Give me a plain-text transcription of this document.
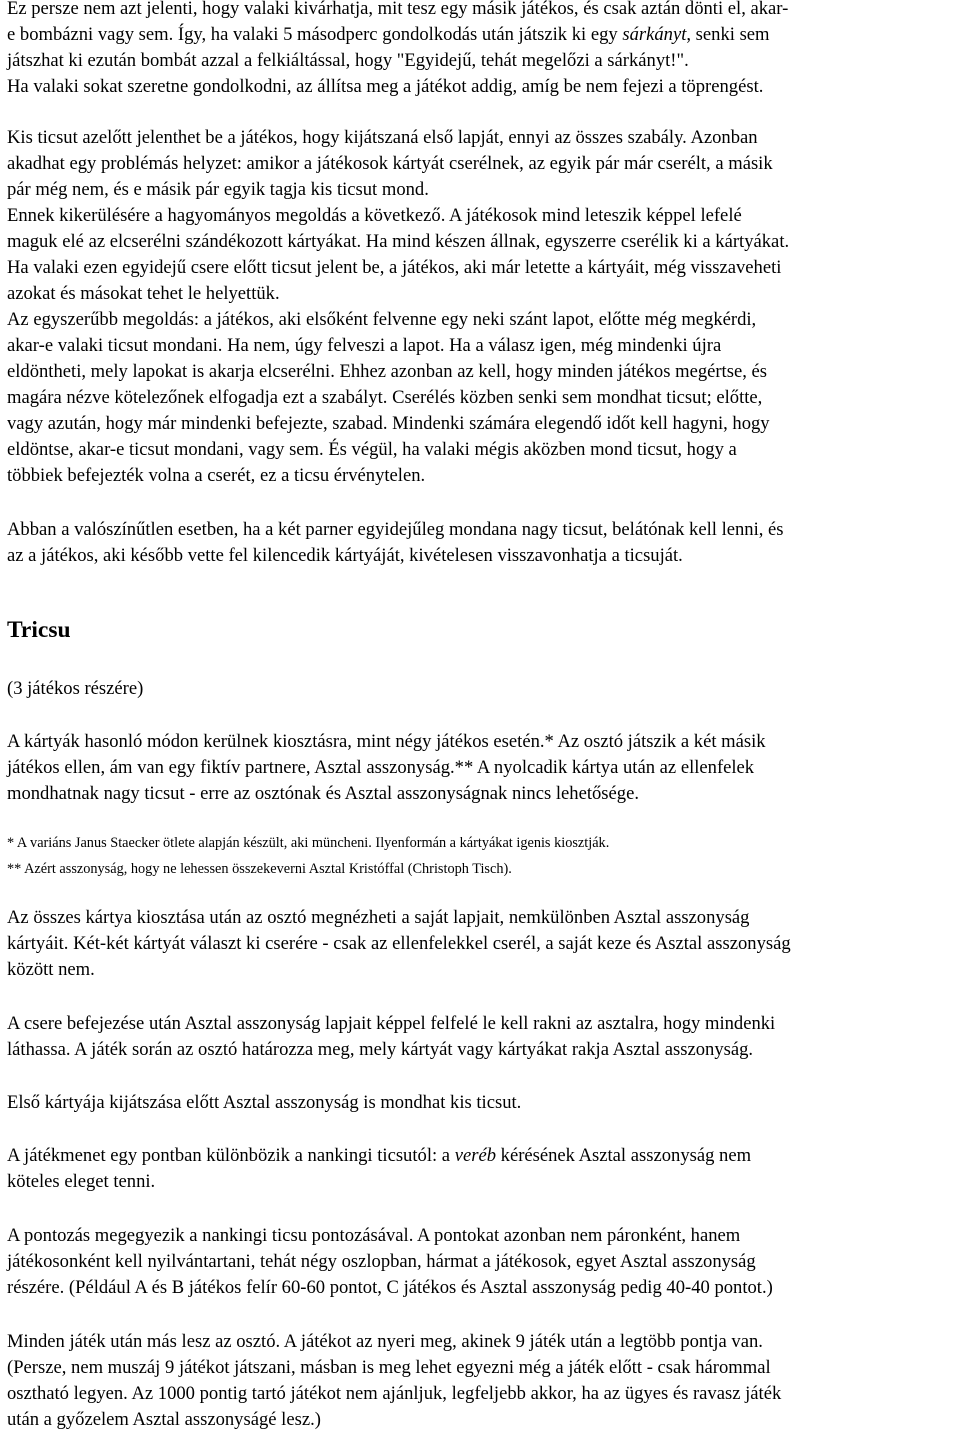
Ez persze nem azt jelenti, hogy valaki kivárhatja, mit tesz egy másik játékos, és csak aztán dönti el, akar-

e bombázni vagy sem. Így, ha valaki 5 másodperc gondolkodás után játszik ki egy sárkányt, senki sem

játszhat ki ezután bombát azzal a felkiáltással, hogy "Egyidejű, tehát megelőzi a sárkányt!".

Ha valaki sokat szeretne gondolkodni, az állítsa meg a játékot addig, amíg be nem fejezi a töprengést.

Kis ticsut azelőtt jelenthet be a játékos, hogy kijátszaná első lapját, ennyi az összes szabály. Azonban

akadhat egy problémás helyzet: amikor a játékosok kártyát cserélnek, az egyik pár már cserélt, a másik

pár még nem, és e másik pár egyik tagja kis ticsut mond.

Ennek kikerülésére a hagyományos megoldás a következő. A játékosok mind leteszik képpel lefelé

maguk elé az elcserélni szándékozott kártyákat. Ha mind készen állnak, egyszerre cserélik ki a kártyákat.

Ha valaki ezen egyidejű csere előtt ticsut jelent be, a játékos, aki már letette a kártyáit, még visszaveheti

azokat és másokat tehet le helyettük.

Az egyszerűbb megoldás: a játékos, aki elsőként felvenne egy neki szánt lapot, előtte még megkérdi,

akar-e valaki ticsut mondani. Ha nem, úgy felveszi a lapot. Ha a válasz igen, még mindenki újra

eldöntheti, mely lapokat is akarja elcserélni. Ehhez azonban az kell, hogy minden játékos megértse, és

magára nézve kötelezőnek elfogadja ezt a szabályt. Cserélés közben senki sem mondhat ticsut; előtte,

vagy azután, hogy már mindenki befejezte, szabad. Mindenki számára elegendő időt kell hagyni, hogy

eldöntse, akar-e ticsut mondani, vagy sem. És végül, ha valaki mégis aközben mond ticsut, hogy a

többiek befejezték volna a cserét, ez a ticsu érvénytelen.

Abban a valószínűtlen esetben, ha a két parner egyidejűleg mondana nagy ticsut, belátónak kell lenni, és

az a játékos, aki később vette fel kilencedik kártyáját, kivételesen visszavonhatja a ticsuját.

Tricsu

(3 játékos részére)

A kártyák hasonló módon kerülnek kiosztásra, mint négy játékos esetén.* Az osztó játszik a két másik

játékos ellen, ám van egy fiktív partnere, Asztal asszonyság.** A nyolcadik kártya után az ellenfelek

mondhatnak nagy ticsut - erre az osztónak és Asztal asszonyságnak nincs lehetősége.

* A variáns Janus Staecker ötlete alapján készült, aki müncheni. Ilyenformán a kártyákat igenis kiosztják.

** Azért asszonyság, hogy ne lehessen összekeverni Asztal Kristóffal (Christoph Tisch).

Az összes kártya kiosztása után az osztó megnézheti a saját lapjait, nemkülönben Asztal asszonyság

kártyáit. Két-két kártyát választ ki cserére - csak az ellenfelekkel cserél, a saját keze és Asztal asszonyság

között nem.

A csere befejezése után Asztal asszonyság lapjait képpel felfelé le kell rakni az asztalra, hogy mindenki

láthassa. A játék során az osztó határozza meg, mely kártyát vagy kártyákat rakja Asztal asszonyság.

Első kártyája kijátszása előtt Asztal asszonyság is mondhat kis ticsut.

A játékmenet egy pontban különbözik a nankingi ticsutól: a veréb kérésének Asztal asszonyság nem

köteles eleget tenni.

A pontozás megegyezik a nankingi ticsu pontozásával. A pontokat azonban nem páronként, hanem

játékosonként kell nyilvántartani, tehát négy oszlopban, hármat a játékosok, egyet Asztal asszonyság

részére. (Például A és B játékos felír 60-60 pontot, C játékos és Asztal asszonyság pedig 40-40 pontot.)

Minden játék után más lesz az osztó. A játékot az nyeri meg, akinek 9 játék után a legtöbb pontja van.

(Persze, nem muszáj 9 játékot játszani, másban is meg lehet egyezni még a játék előtt - csak hárommal

osztható legyen. Az 1000 pontig tartó játékot nem ajánljuk, legfeljebb akkor, ha az ügyes és ravasz játék

után a győzelem Asztal asszonyságé lesz.)
